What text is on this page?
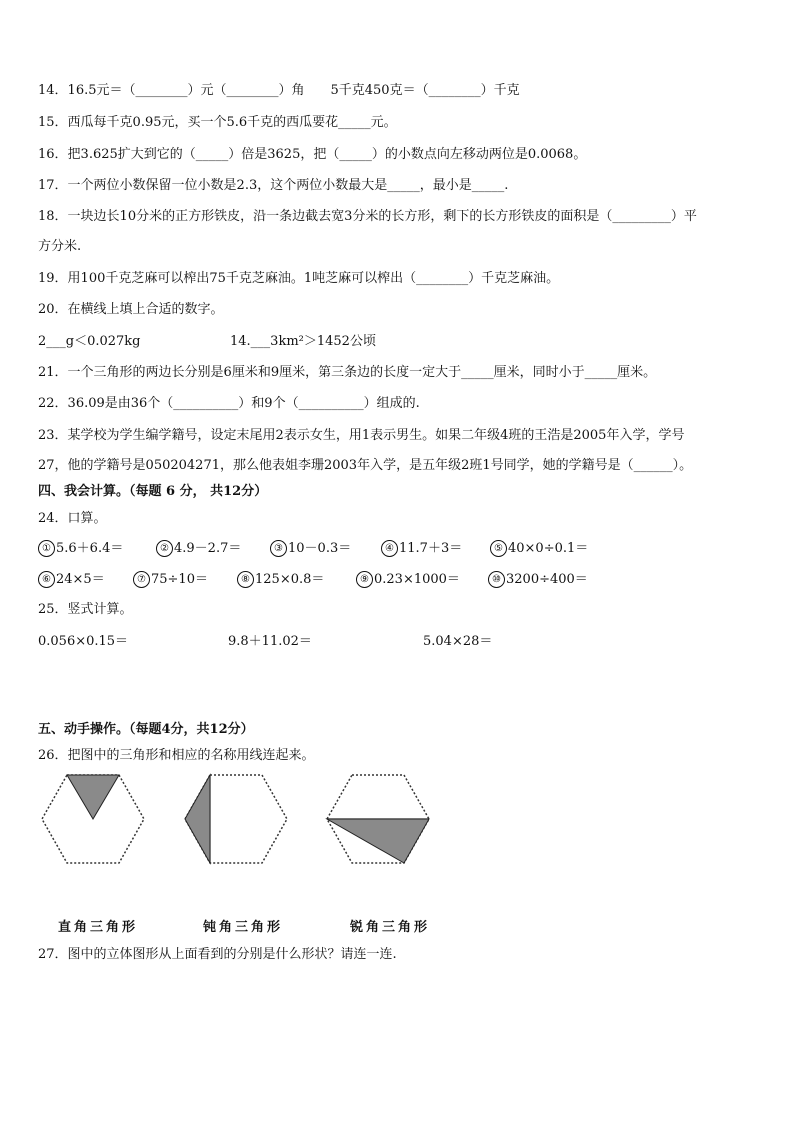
14．16.5元＝（________）元（________）角　　5千克450克＝（________）千克
15．西瓜每千克0.95元，买一个5.6千克的西瓜要花_____元。
16．把3.625扩大到它的（_____）倍是3625，把（_____）的小数点向左移动两位是0.0068。
17．一个两位小数保留一位小数是2.3，这个两位小数最大是_____，最小是_____.
18．一块边长10分米的正方形铁皮，沿一条边截去宽3分米的长方形，剩下的长方形铁皮的面积是（_________）平
方分米.
19．用100千克芝麻可以榨出75千克芝麻油。1吨芝麻可以榨出（________）千克芝麻油。
20．在横线上填上合适的数字。
2___g＜0.027kg	14.___3km²＞1452公顷
21．一个三角形的两边长分别是6厘米和9厘米，第三条边的长度一定大于_____厘米，同时小于_____厘米。
22．36.09是由36个（__________）和9个（__________）组成的.
23．某学校为学生编学籍号，设定末尾用2表示女生，用1表示男生。如果二年级4班的王浩是2005年入学，学号
27，他的学籍号是050204271，那么他表姐李珊2003年入学，是五年级2班1号同学，她的学籍号是（______）。
四、我会计算。（每题 6 分， 共12分）
24．口算。
① 5.6＋6.4＝	② 4.9－2.7＝	③ 10－0.3＝	④ 11.7＋3＝	⑤ 40×0÷0.1＝
⑥ 24×5＝	⑦ 75÷10＝	⑧ 125×0.8＝	⑨ 0.23×1000＝	⑩ 3200÷400＝
25．竖式计算。
0.056×0.15＝	9.8＋11.02＝	5.04×28＝
五、动手操作。（每题4分，共12分）
26．把图中的三角形和相应的名称用线连起来。
直角三角形	钝角三角形	锐角三角形
27．图中的立体图形从上面看到的分别是什么形状？请连一连.
